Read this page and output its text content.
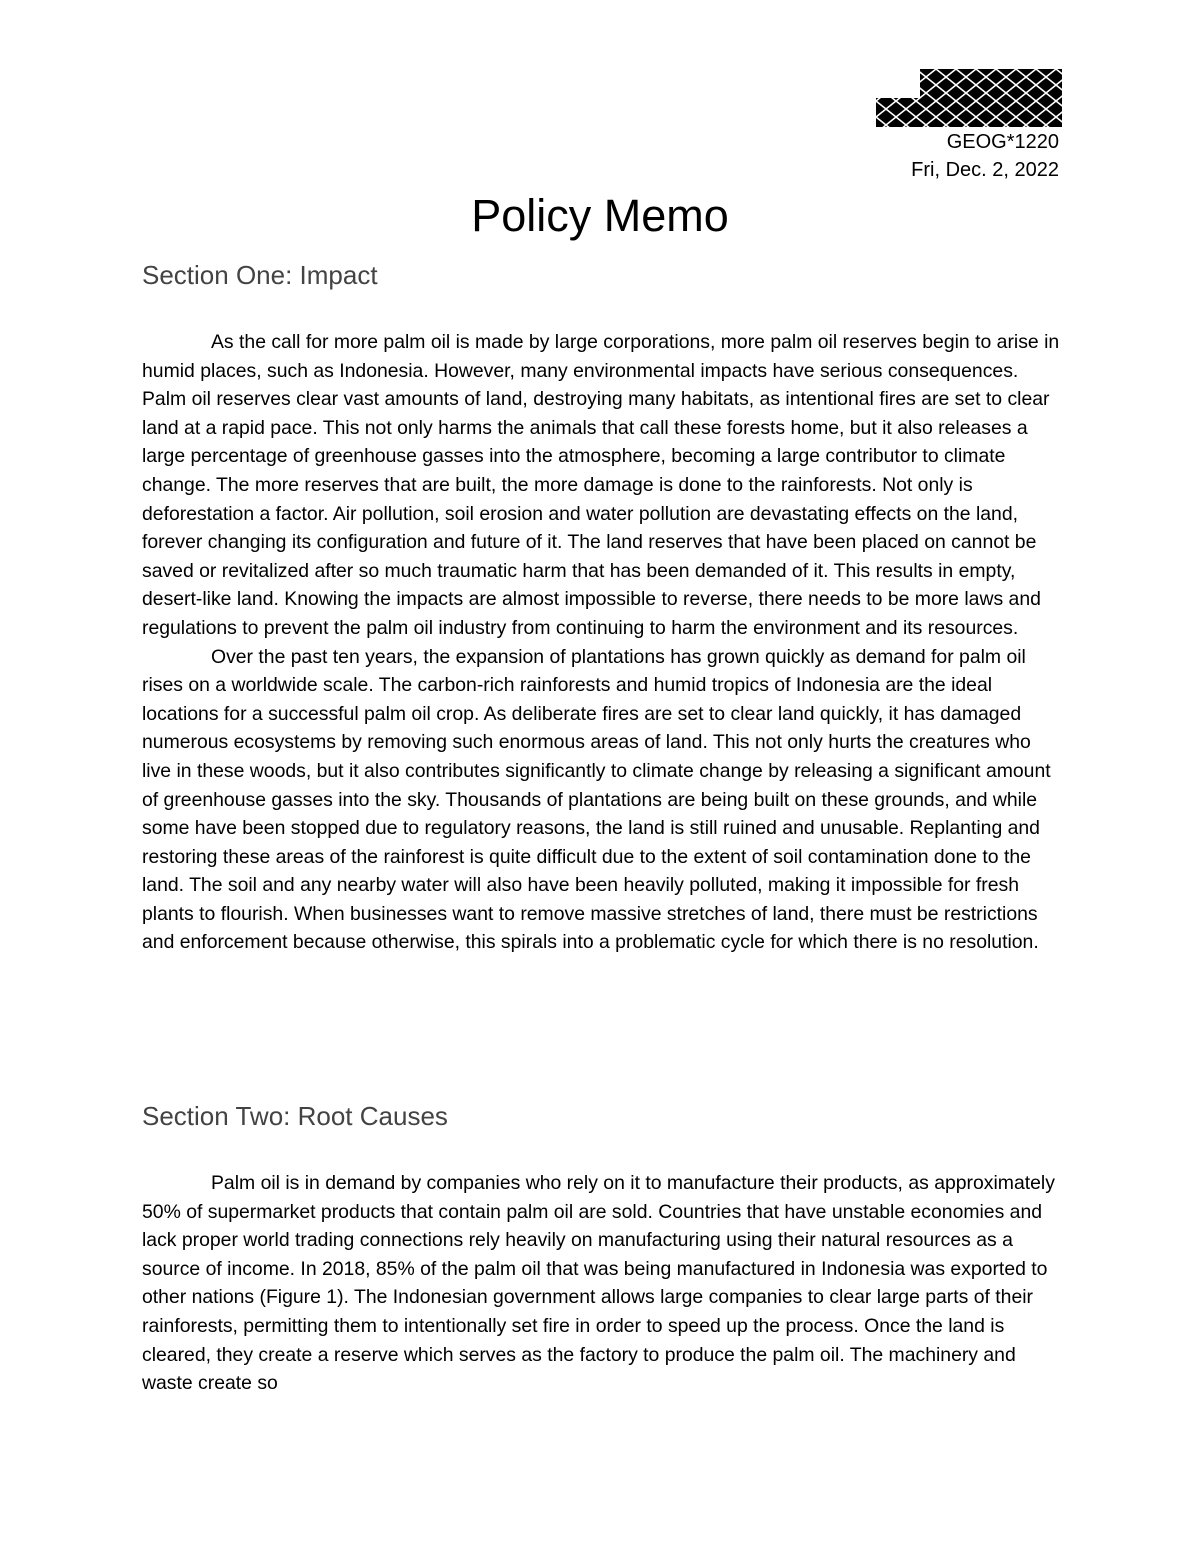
GEOG*1220
Fri, Dec. 2, 2022
Policy Memo
Section One: Impact

As the call for more palm oil is made by large corporations, more palm oil reserves begin to arise in humid places, such as Indonesia. However, many environmental impacts have serious consequences. Palm oil reserves clear vast amounts of land, destroying many habitats, as intentional fires are set to clear land at a rapid pace. This not only harms the animals that call these forests home, but it also releases a large percentage of greenhouse gasses into the atmosphere, becoming a large contributor to climate change. The more reserves that are built, the more damage is done to the rainforests. Not only is deforestation a factor. Air pollution, soil erosion and water pollution are devastating effects on the land, forever changing its configuration and future of it. The land reserves that have been placed on cannot be saved or revitalized after so much traumatic harm that has been demanded of it. This results in empty, desert-like land. Knowing the impacts are almost impossible to reverse, there needs to be more laws and regulations to prevent the palm oil industry from continuing to harm the environment and its resources.

Over the past ten years, the expansion of plantations has grown quickly as demand for palm oil rises on a worldwide scale. The carbon-rich rainforests and humid tropics of Indonesia are the ideal locations for a successful palm oil crop. As deliberate fires are set to clear land quickly, it has damaged numerous ecosystems by removing such enormous areas of land. This not only hurts the creatures who live in these woods, but it also contributes significantly to climate change by releasing a significant amount of greenhouse gasses into the sky. Thousands of plantations are being built on these grounds, and while some have been stopped due to regulatory reasons, the land is still ruined and unusable. Replanting and restoring these areas of the rainforest is quite difficult due to the extent of soil contamination done to the land. The soil and any nearby water will also have been heavily polluted, making it impossible for fresh plants to flourish. When businesses want to remove massive stretches of land, there must be restrictions and enforcement because otherwise, this spirals into a problematic cycle for which there is no resolution.

Section Two: Root Causes

Palm oil is in demand by companies who rely on it to manufacture their products, as approximately 50% of supermarket products that contain palm oil are sold. Countries that have unstable economies and lack proper world trading connections rely heavily on manufacturing using their natural resources as a source of income. In 2018, 85% of the palm oil that was being manufactured in Indonesia was exported to other nations (Figure 1). The Indonesian government allows large companies to clear large parts of their rainforests, permitting them to intentionally set fire in order to speed up the process. Once the land is cleared, they create a reserve which serves as the factory to produce the palm oil. The machinery and waste create so
